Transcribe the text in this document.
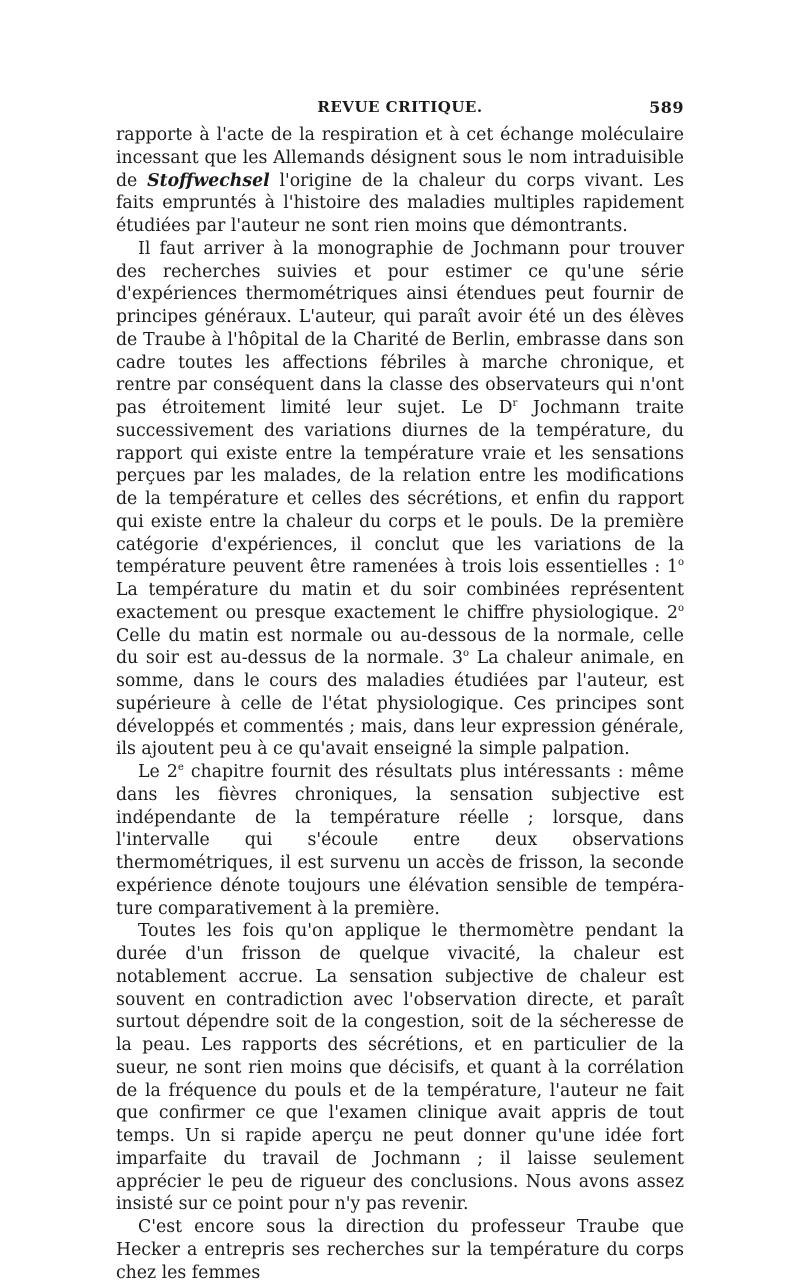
REVUE CRITIQUE.	589

rapporte à l'acte de la respiration et à cet échange moléculaire incessant que les Allemands désignent sous le nom intraduisible de Stoffwechsel l'origine de la chaleur du corps vivant. Les faits empruntés à l'histoire des maladies multiples rapidement étudiées par l'auteur ne sont rien moins que démontrants.

Il faut arriver à la monographie de Jochmann pour trouver des recherches suivies et pour estimer ce qu'une série d'expériences thermométriques ainsi étendues peut fournir de principes généraux. L'auteur, qui paraît avoir été un des élèves de Traube à l'hôpital de la Charité de Berlin, embrasse dans son cadre toutes les affections fébriles à marche chronique, et rentre par conséquent dans la classe des observateurs qui n'ont pas étroitement limité leur sujet. Le $D^r$ Jochmann traite successivement des variations diurnes de la température, du rapport qui existe entre la température vraie et les sensations perçues par les malades, de la relation entre les modifications de la température et celles des sécrétions, et enfin du rapport qui existe entre la chaleur du corps et le pouls. De la première catégorie d'expériences, il conclut que les variations de la température peuvent être ramenées à trois lois essentielles : 1$^o$ La température du matin et du soir combinées représentent exactement ou presque exactement le chiffre physiologique. 2$^o$ Celle du matin est normale ou au-dessous de la normale, celle du soir est au-dessus de la normale. 3$^o$ La chaleur animale, en somme, dans le cours des maladies étudiées par l'auteur, est supérieure à celle de l'état physiologique. Ces principes sont développés et commentés ; mais, dans leur expression générale, ils ajoutent peu à ce qu'avait enseigné la simple palpation.

Le 2e chapitre fournit des résultats plus intéressants : même dans les fièvres chroniques, la sensation subjective est indépendante de la température réelle ; lorsque, dans l'intervalle qui s'écoule entre deux observations thermométriques, il est survenu un accès de frisson, la seconde expérience dénote toujours une élévation sensible de température comparativement à la première.

Toutes les fois qu'on applique le thermomètre pendant la durée d'un frisson de quelque vivacité, la chaleur est notablement accrue. La sensation subjective de chaleur est souvent en contradiction avec l'observation directe, et paraît surtout dépendre soit de la congestion, soit de la sécheresse de la peau. Les rapports des sécrétions, et en particulier de la sueur, ne sont rien moins que décisifs, et quant à la corrélation de la fréquence du pouls et de la température, l'auteur ne fait que confirmer ce que l'examen clinique avait appris de tout temps. Un si rapide aperçu ne peut donner qu'une idée fort imparfaite du travail de Jochmann ; il laisse seulement apprécier le peu de rigueur des conclusions. Nous avons assez insisté sur ce point pour n'y pas revenir.

C'est encore sous la direction du professeur Traube que Hecker a entrepris ses recherches sur la température du corps chez les femmes
